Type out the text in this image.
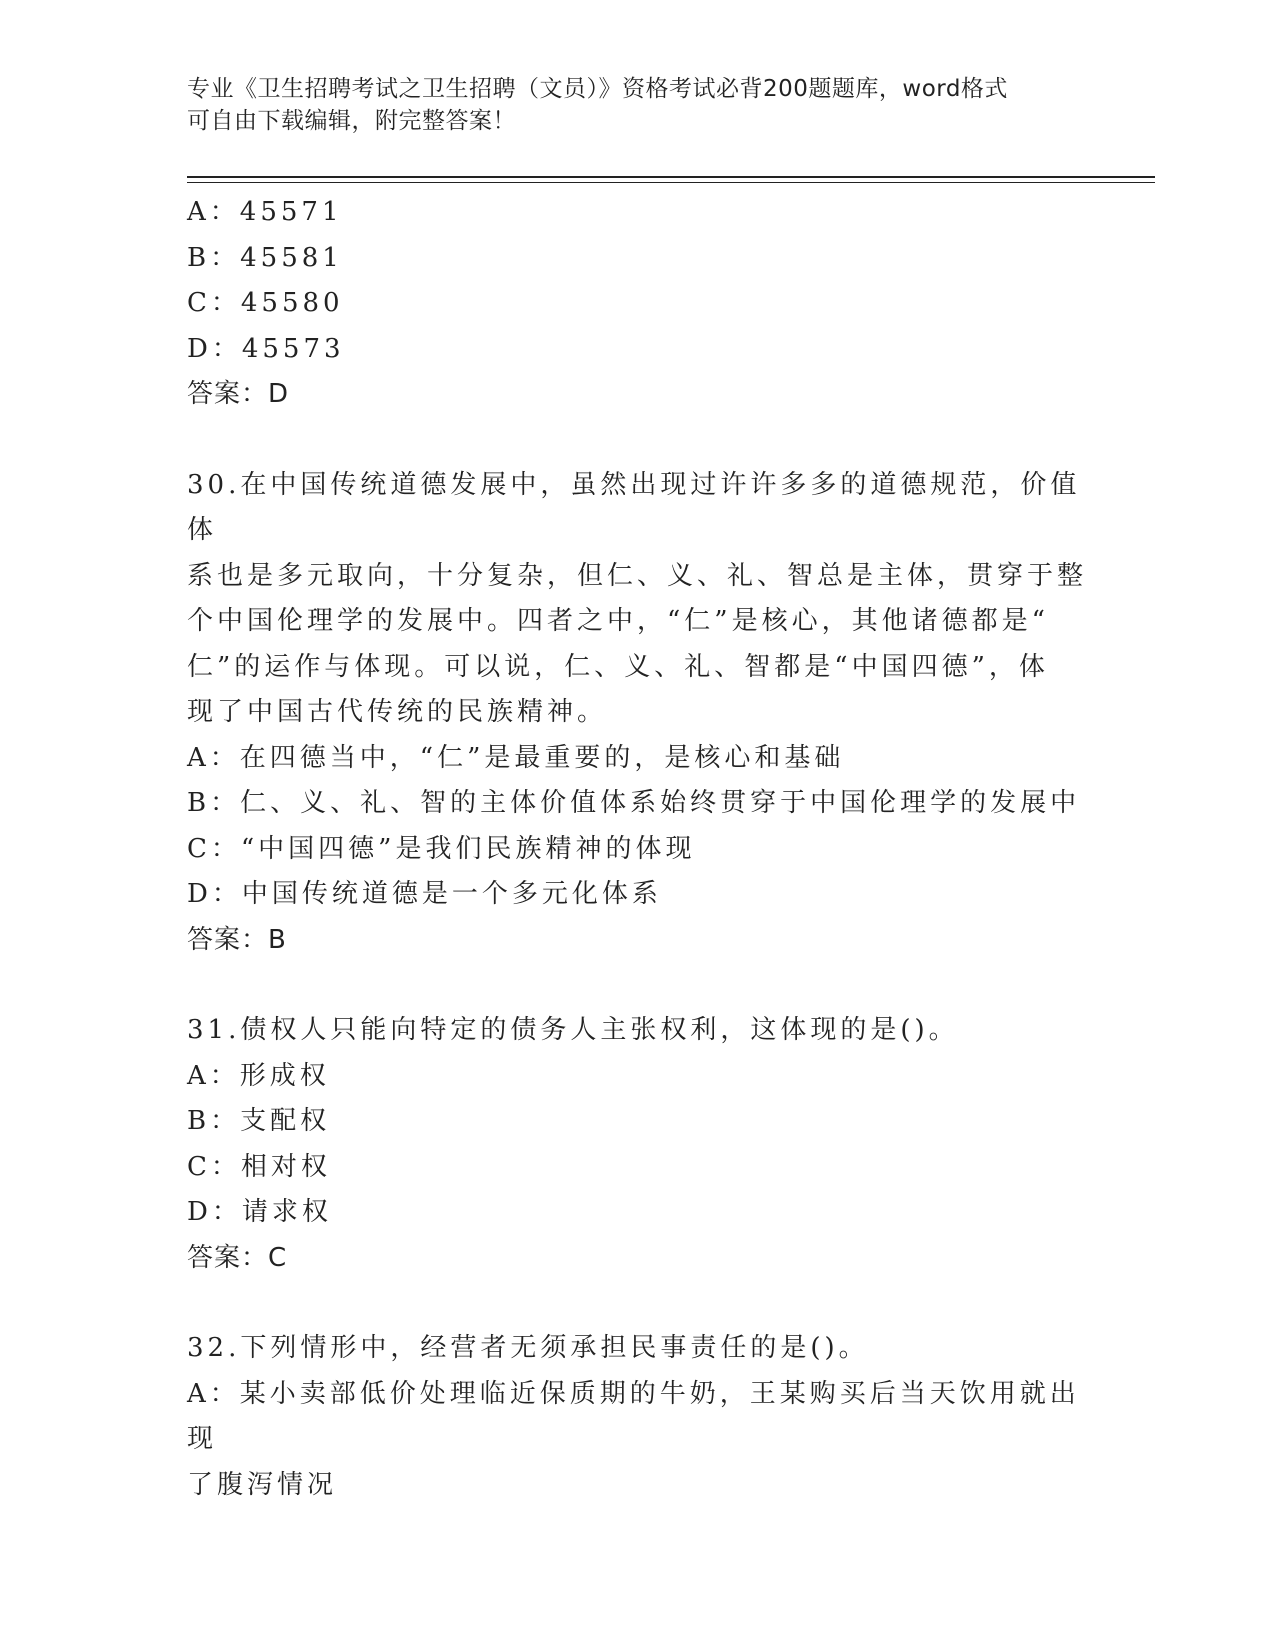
专业《卫生招聘考试之卫生招聘（文员）》资格考试必背200题题库，word格式
可自由下载编辑，附完整答案！

A：45571

B：45581

C：45580

D：45573

答案：D

30.在中国传统道德发展中，虽然出现过许许多多的道德规范，价值体

系也是多元取向，十分复杂，但仁、义、礼、智总是主体，贯穿于整

个中国伦理学的发展中。四者之中，“仁”是核心，其他诸德都是“

仁”的运作与体现。可以说，仁、义、礼、智都是“中国四德”，体

现了中国古代传统的民族精神。

A：在四德当中，“仁”是最重要的，是核心和基础

B：仁、义、礼、智的主体价值体系始终贯穿于中国伦理学的发展中

C：“中国四德”是我们民族精神的体现

D：中国传统道德是一个多元化体系

答案：B

31.债权人只能向特定的债务人主张权利，这体现的是()。

A：形成权

B：支配权

C：相对权

D：请求权

答案：C

32.下列情形中，经营者无须承担民事责任的是()。

A：某小卖部低价处理临近保质期的牛奶，王某购买后当天饮用就出现

了腹泻情况
